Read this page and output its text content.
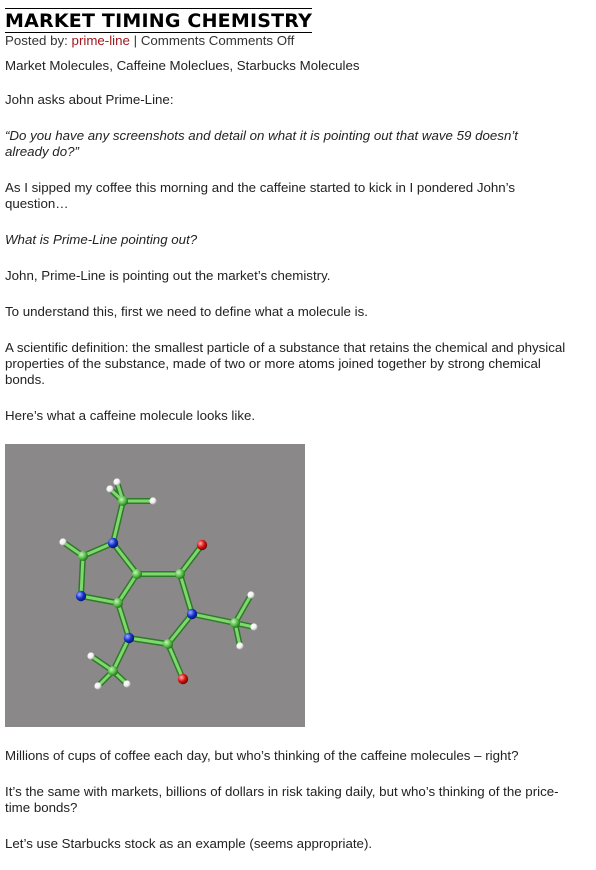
MARKET TIMING CHEMISTRY
Posted by: prime-line | Comments Comments Off

Market Molecules, Caffeine Moleclues, Starbucks Molecules

John asks about Prime-Line:

“Do you have any screenshots and detail on what it is pointing out that wave 59 doesn’t already do?”

As I sipped my coffee this morning and the caffeine started to kick in I pondered John’s question…

What is Prime-Line pointing out?

John, Prime-Line is pointing out the market’s chemistry.

To understand this, first we need to define what a molecule is.

A scientific definition: the smallest particle of a substance that retains the chemical and physical properties of the substance, made of two or more atoms joined together by strong chemical bonds.

Here’s what a caffeine molecule looks like.

Millions of cups of coffee each day, but who’s thinking of the caffeine molecules – right?

It’s the same with markets, billions of dollars in risk taking daily, but who’s thinking of the price-time bonds?

Let’s use Starbucks stock as an example (seems appropriate).
